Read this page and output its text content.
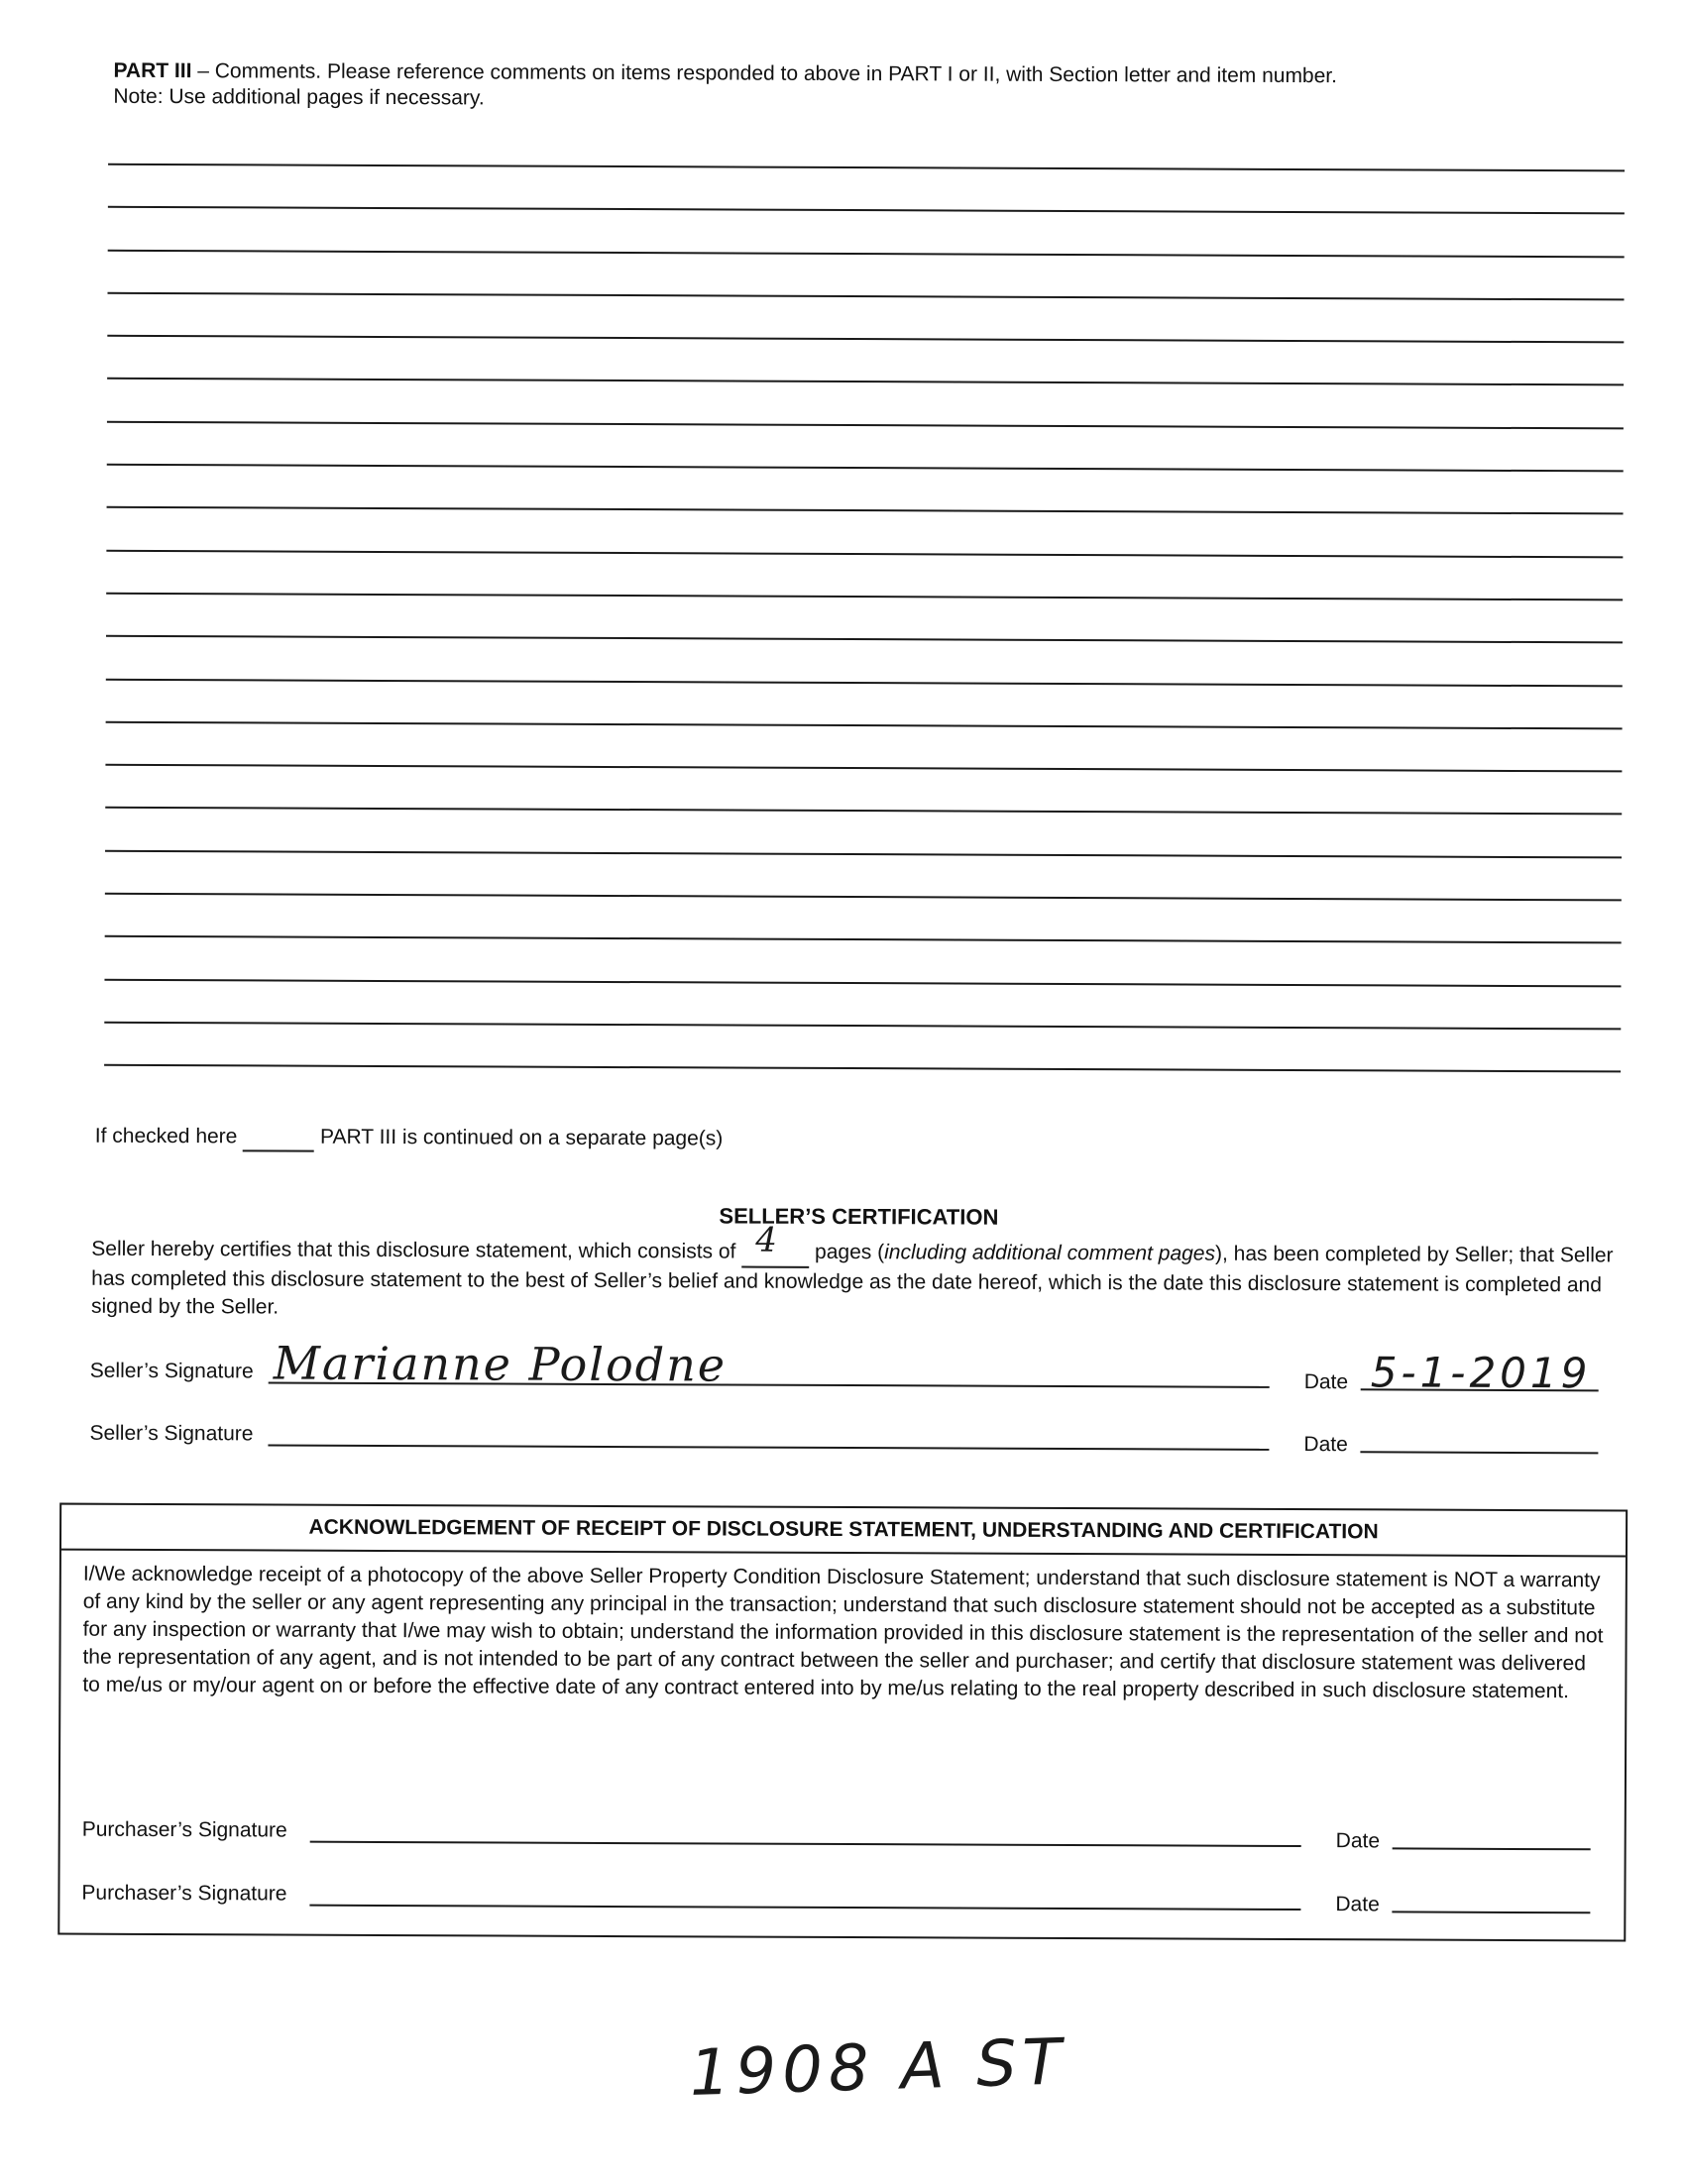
PART III – Comments. Please reference comments on items responded to above in PART I or II, with Section letter and item number.
Note: Use additional pages if necessary.
If checked here	PART III is continued on a separate page(s)
SELLER’S CERTIFICATION
Seller hereby certifies that this disclosure statement, which consists of 4 pages (including additional comment pages), has been completed by Seller; that Seller has completed this disclosure statement to the best of Seller’s belief and knowledge as the date hereof, which is the date this disclosure statement is completed and signed by the Seller.
Seller’s Signature Marianne Polodne	Date 5-1-2019
Seller’s Signature	Date
ACKNOWLEDGEMENT OF RECEIPT OF DISCLOSURE STATEMENT, UNDERSTANDING AND CERTIFICATION
I/We acknowledge receipt of a photocopy of the above Seller Property Condition Disclosure Statement; understand that such disclosure statement is NOT a warranty of any kind by the seller or any agent representing any principal in the transaction; understand that such disclosure statement should not be accepted as a substitute for any inspection or warranty that I/we may wish to obtain; understand the information provided in this disclosure statement is the representation of the seller and not the representation of any agent, and is not intended to be part of any contract between the seller and purchaser; and certify that disclosure statement was delivered to me/us or my/our agent on or before the effective date of any contract entered into by me/us relating to the real property described in such disclosure statement.
Purchaser’s Signature	Date
Purchaser’s Signature	Date
1908 A ST
